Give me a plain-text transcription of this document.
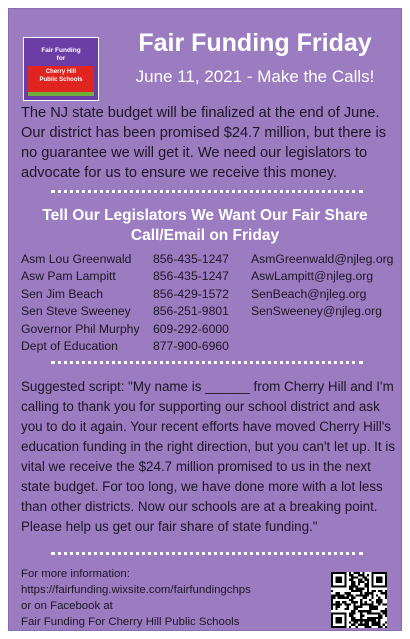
Fair Funding
for
Cherry Hill
Public Schools
Fair Funding Friday
June 11, 2021 - Make the Calls!
The NJ state budget will be finalized at the end of June. Our district has been promised $24.7 million, but there is no guarantee we will get it. We need our legislators to advocate for us to ensure we receive this money.
Tell Our Legislators We Want Our Fair Share
Call/Email on Friday
Asm Lou Greenwald	856-435-1247	AsmGreenwald@njleg.org
Asw Pam Lampitt	856-435-1247	AswLampitt@njleg.org
Sen Jim Beach	856-429-1572	SenBeach@njleg.org
Sen Steve Sweeney	856-251-9801	SenSweeney@njleg.org
Governor Phil Murphy	609-292-6000	
Dept of Education	877-900-6960	
Suggested script: "My name is ______ from Cherry Hill and I'm calling to thank you for supporting our school district and ask you to do it again. Your recent efforts have moved Cherry Hill's education funding in the right direction, but you can't let up. It is vital we receive the $24.7 million promised to us in the next state budget. For too long, we have done more with a lot less than other districts. Now our schools are at a breaking point. Please help us get our fair share of state funding."
For more information:
https://fairfunding.wixsite.com/fairfundingchps
or on Facebook at
Fair Funding For Cherry Hill Public Schools
